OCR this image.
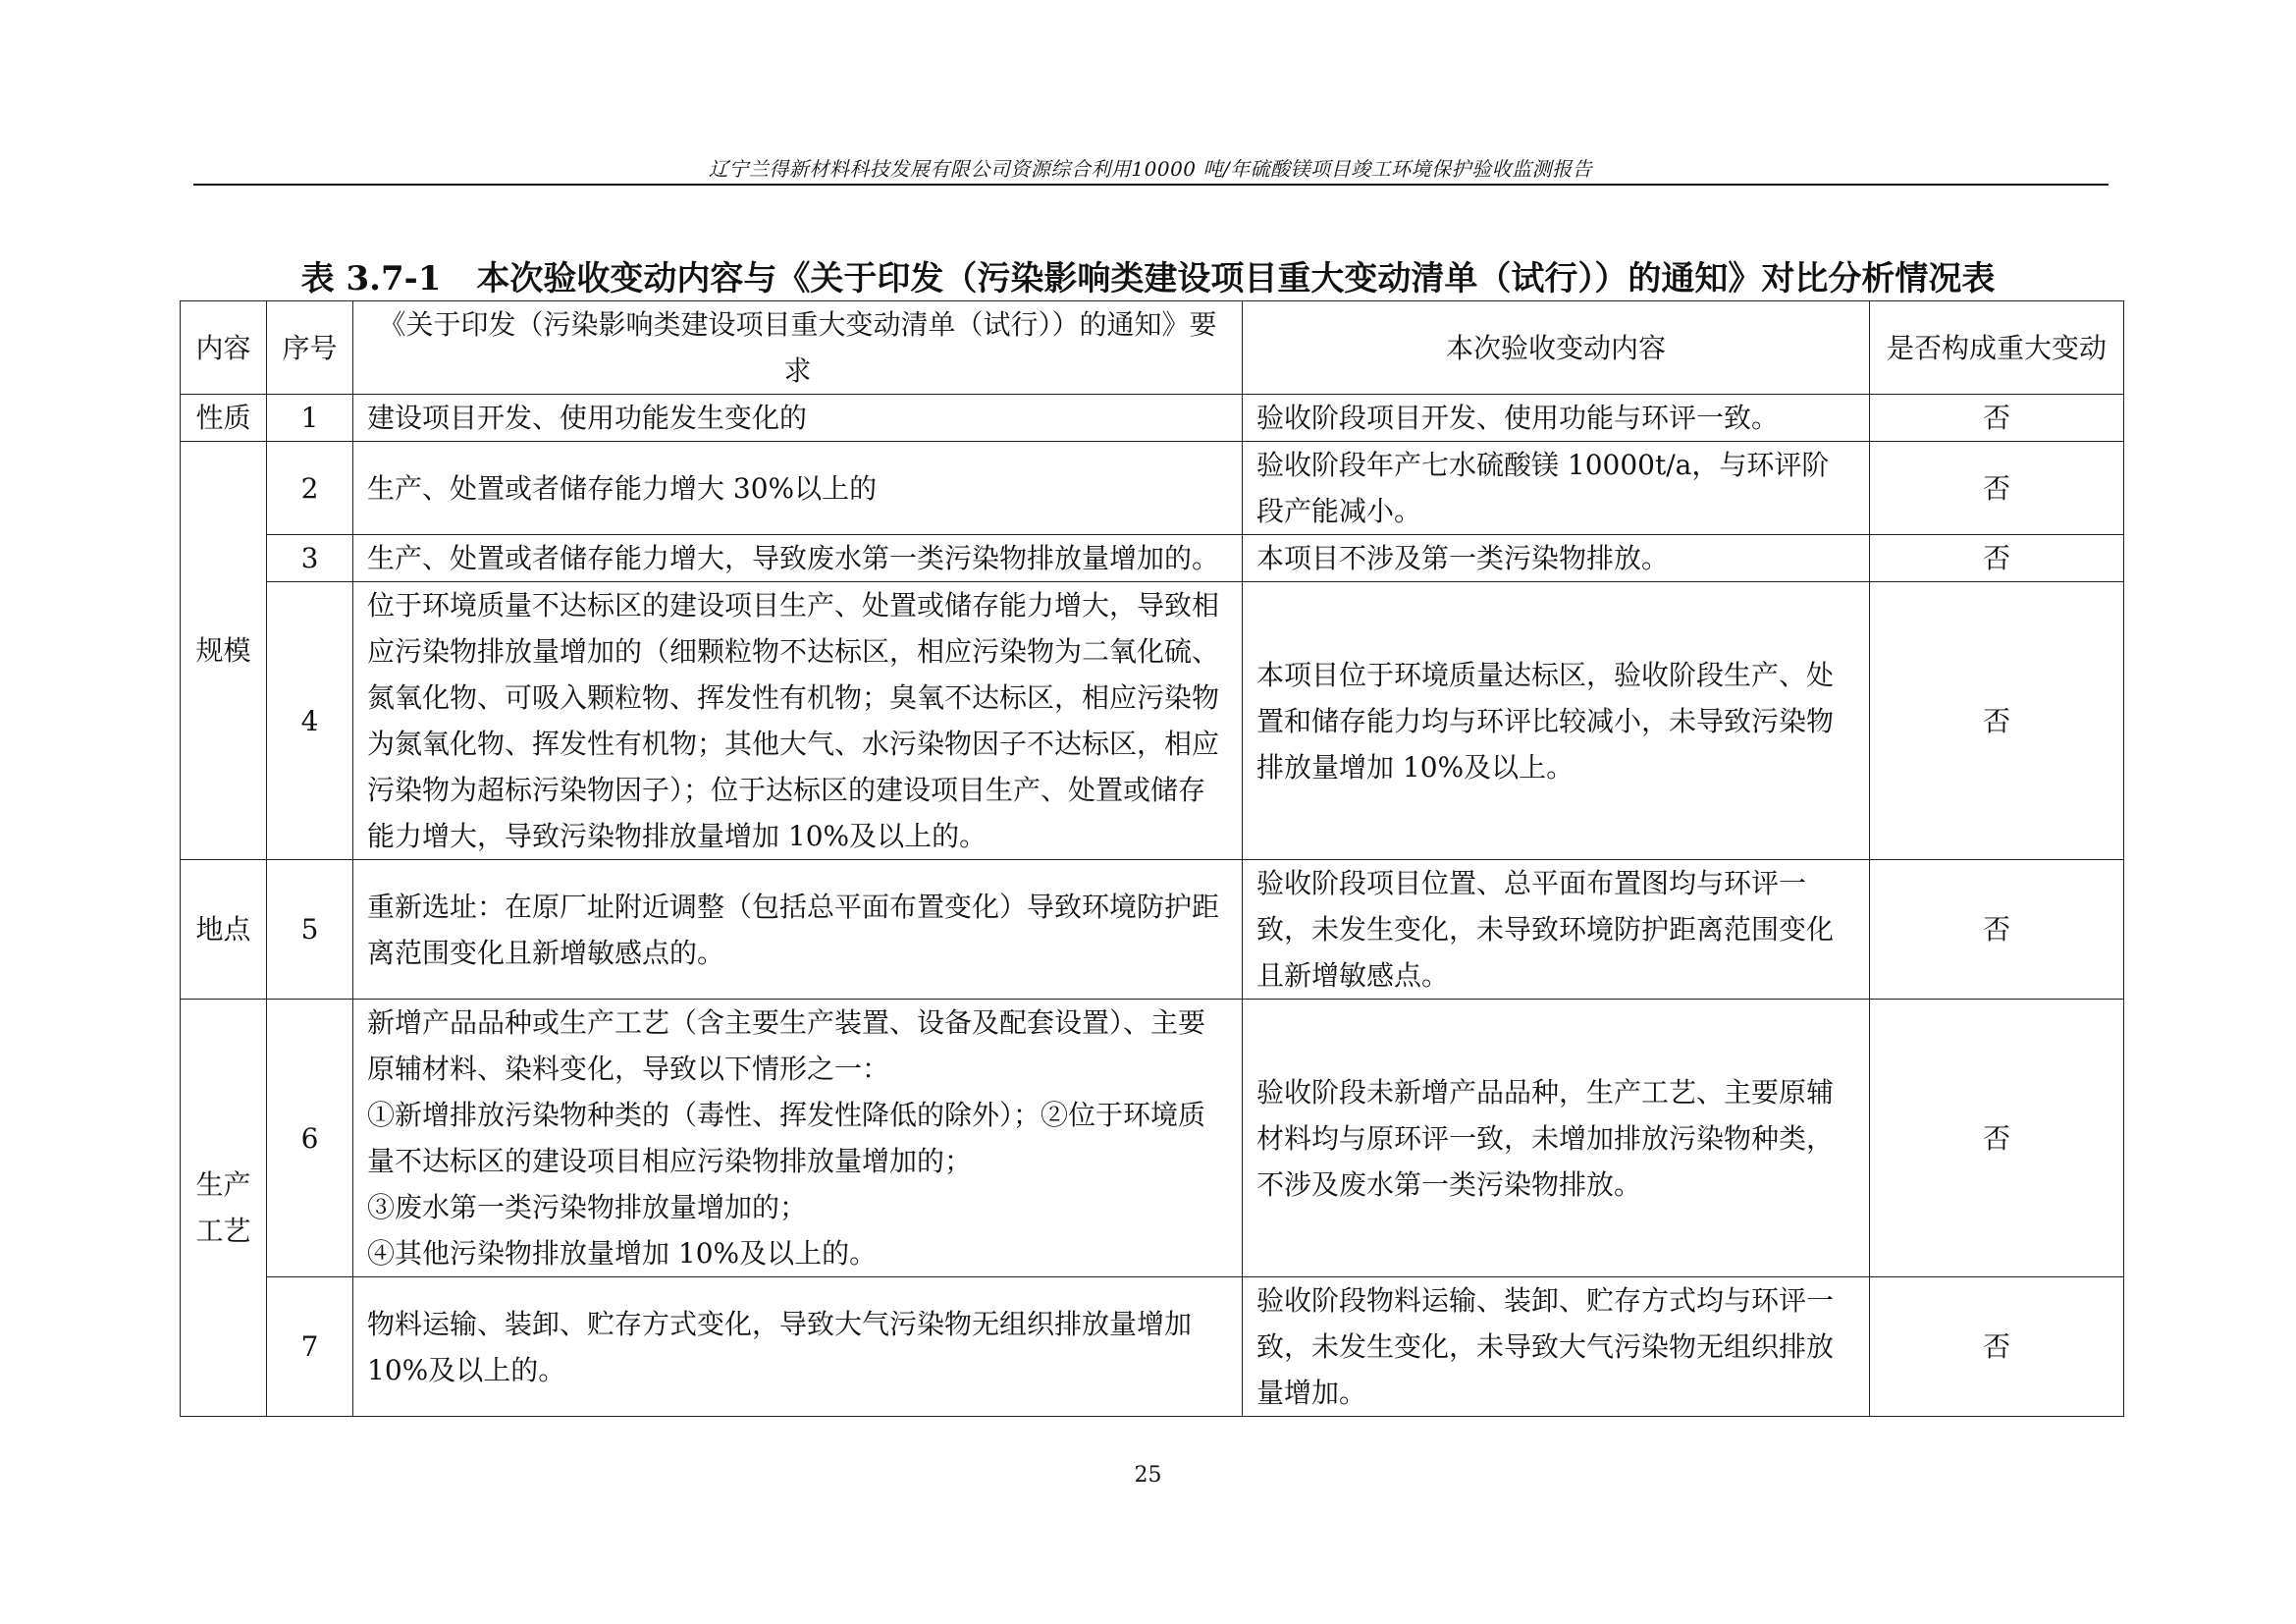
辽宁兰得新材料科技发展有限公司资源综合利用10000 吨/年硫酸镁项目竣工环境保护验收监测报告
表 3.7-1 本次验收变动内容与《关于印发（污染影响类建设项目重大变动清单（试行））的通知》对比分析情况表
内容	序号	《关于印发（污染影响类建设项目重大变动清单（试行））的通知》要求	本次验收变动内容	是否构成重大变动
性质	1	建设项目开发、使用功能发生变化的	验收阶段项目开发、使用功能与环评一致。	否
规模	2	生产、处置或者储存能力增大 30%以上的	验收阶段年产七水硫酸镁 10000t/a，与环评阶段产能减小。	否
	3	生产、处置或者储存能力增大，导致废水第一类污染物排放量增加的。	本项目不涉及第一类污染物排放。	否
	4	位于环境质量不达标区的建设项目生产、处置或储存能力增大，导致相应污染物排放量增加的（细颗粒物不达标区，相应污染物为二氧化硫、氮氧化物、可吸入颗粒物、挥发性有机物；臭氧不达标区，相应污染物为氮氧化物、挥发性有机物；其他大气、水污染物因子不达标区，相应污染物为超标污染物因子）；位于达标区的建设项目生产、处置或储存能力增大，导致污染物排放量增加 10%及以上的。	本项目位于环境质量达标区，验收阶段生产、处置和储存能力均与环评比较减小，未导致污染物排放量增加 10%及以上。	否
地点	5	重新选址：在原厂址附近调整（包括总平面布置变化）导致环境防护距离范围变化且新增敏感点的。	验收阶段项目位置、总平面布置图均与环评一致，未发生变化，未导致环境防护距离范围变化且新增敏感点。	否
生产工艺	6	新增产品品种或生产工艺（含主要生产装置、设备及配套设置）、主要原辅材料、染料变化，导致以下情形之一：
①新增排放污染物种类的（毒性、挥发性降低的除外）；②位于环境质量不达标区的建设项目相应污染物排放量增加的；
③废水第一类污染物排放量增加的；
④其他污染物排放量增加 10%及以上的。	验收阶段未新增产品品种，生产工艺、主要原辅材料均与原环评一致，未增加排放污染物种类，不涉及废水第一类污染物排放。	否
	7	物料运输、装卸、贮存方式变化，导致大气污染物无组织排放量增加 10%及以上的。	验收阶段物料运输、装卸、贮存方式均与环评一致，未发生变化，未导致大气污染物无组织排放量增加。	否
25
